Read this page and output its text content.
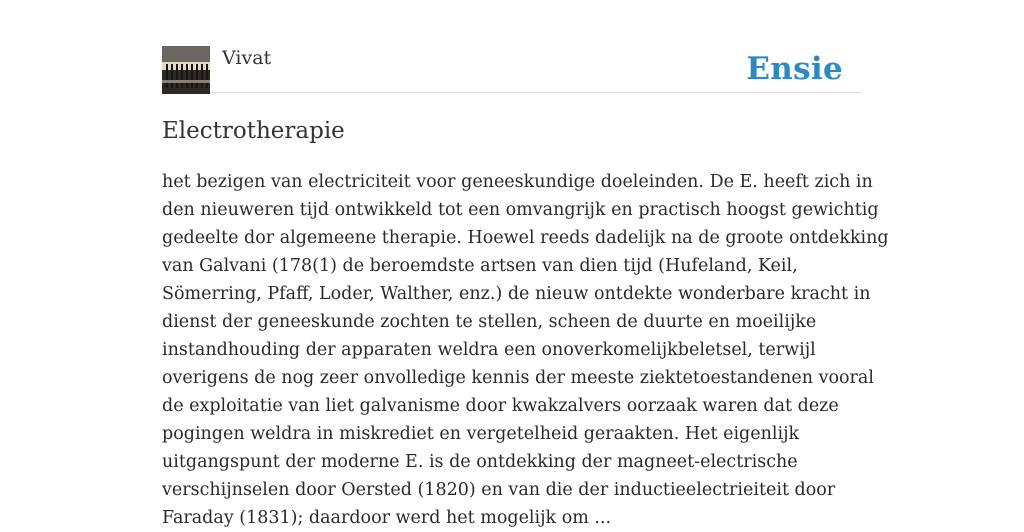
Vivat	Ensie
Electrotherapie

het bezigen van electriciteit voor geneeskundige doeleinden. De E. heeft zich in
den nieuweren tijd ontwikkeld tot een omvangrijk en practisch hoogst gewichtig
gedeelte dor algemeene therapie. Hoewel reeds dadelijk na de groote ontdekking
van Galvani (178(1) de beroemdste artsen van dien tijd (Hufeland, Keil,
Sömerring, Pfaff, Loder, Walther, enz.) de nieuw ontdekte wonderbare kracht in
dienst der geneeskunde zochten te stellen, scheen de duurte en moeilijke
instandhouding der apparaten weldra een onoverkomelijkbeletsel, terwijl
overigens de nog zeer onvolledige kennis der meeste ziektetoestandenen vooral
de exploitatie van liet galvanisme door kwakzalvers oorzaak waren dat deze
pogingen weldra in miskrediet en vergetelheid geraakten. Het eigenlijk
uitgangspunt der moderne E. is de ontdekking der magneet-electrische
verschijnselen door Oersted (1820) en van die der inductieelectrieiteit door
Faraday (1831); daardoor werd het mogelijk om ...
